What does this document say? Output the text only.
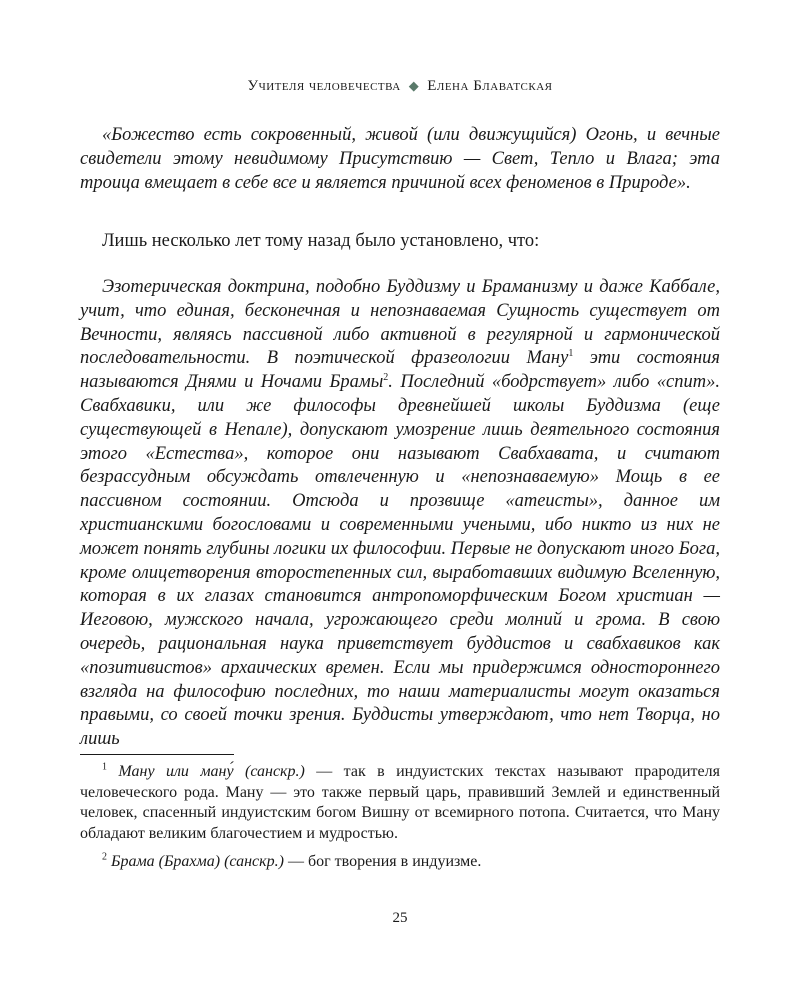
Учителя человечества ◆ Елена Блаватская

«Божество есть сокровенный, живой (или движущийся) Огонь, и вечные свидетели этому невидимому Присутствию — Свет, Тепло и Влага; эта троица вмещает в себе все и является причиной всех феноменов в Природе».

Лишь несколько лет тому назад было установлено, что:

Эзотерическая доктрина, подобно Буддизму и Браманизму и даже Каббале, учит, что единая, бесконечная и непознаваемая Сущность существует от Вечности, являясь пассивной либо активной в регулярной и гармонической последовательности. В поэтической фразеологии Ману$^1$ эти состояния называются Днями и Ночами Брамы$^2$. Последний «бодрствует» либо «спит». Свабхавики, или же философы древнейшей школы Буддизма (еще существующей в Непале), допускают умозрение лишь деятельного состояния этого «Естества», которое они называют Свабхавата, и считают безрассудным обсуждать отвлеченную и «непознаваемую» Мощь в ее пассивном состоянии. Отсюда и прозвище «атеисты», данное им христианскими богословами и современными учеными, ибо никто из них не может понять глубины логики их философии. Первые не допускают иного Бога, кроме олицетворения второстепенных сил, выработавших видимую Вселенную, которая в их глазах становится антропоморфическим Богом христиан — Иеговою, мужского начала, угрожающего среди молний и грома. В свою очередь, рациональная наука приветствует буддистов и свабхавиков как «позитивистов» архаических времен. Если мы придержимся одностороннего взгляда на философию последних, то наши материалисты могут оказаться правыми, со своей точки зрения. Буддисты утверждают, что нет Творца, но лишь

$^1$ Ману или ману́ (санскр.) — так в индуистских текстах называют прародителя человеческого рода. Ману — это также первый царь, правивший Землей и единственный человек, спасенный индуистским богом Вишну от всемирного потопа. Считается, что Ману обладают великим благочестием и мудростью.

$^2$ Брама (Брахма) (санскр.) — бог творения в индуизме.

25
